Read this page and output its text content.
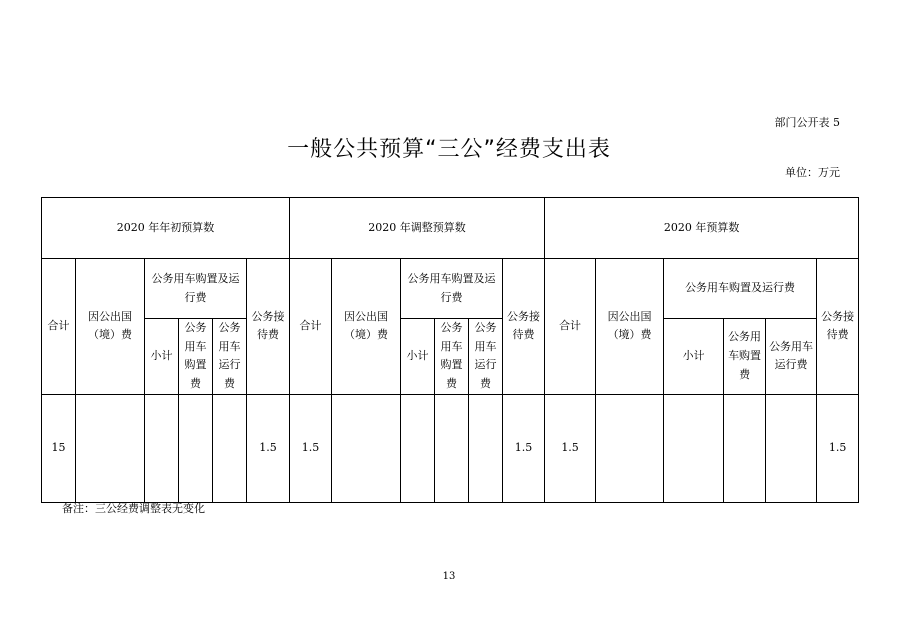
部门公开表 5
一般公共预算“三公”经费支出表
单位：万元
2020 年年初预算数						2020 年调整预算数						2020 年预算数					
合计	因公出国（境）费	公务用车购置及运行费			公务接待费	合计	因公出国（境）费	公务用车购置及运行费			公务接待费	合计	因公出国（境）费	公务用车购置及运行费			公务接待费
		小计	公务用车购置费	公务用车运行费				小计	公务用车购置费	公务用车运行费				小计	公务用车购置费	公务用车运行费	
15					1.5	1.5					1.5	1.5					1.5
备注：三公经费调整表无变化
13
